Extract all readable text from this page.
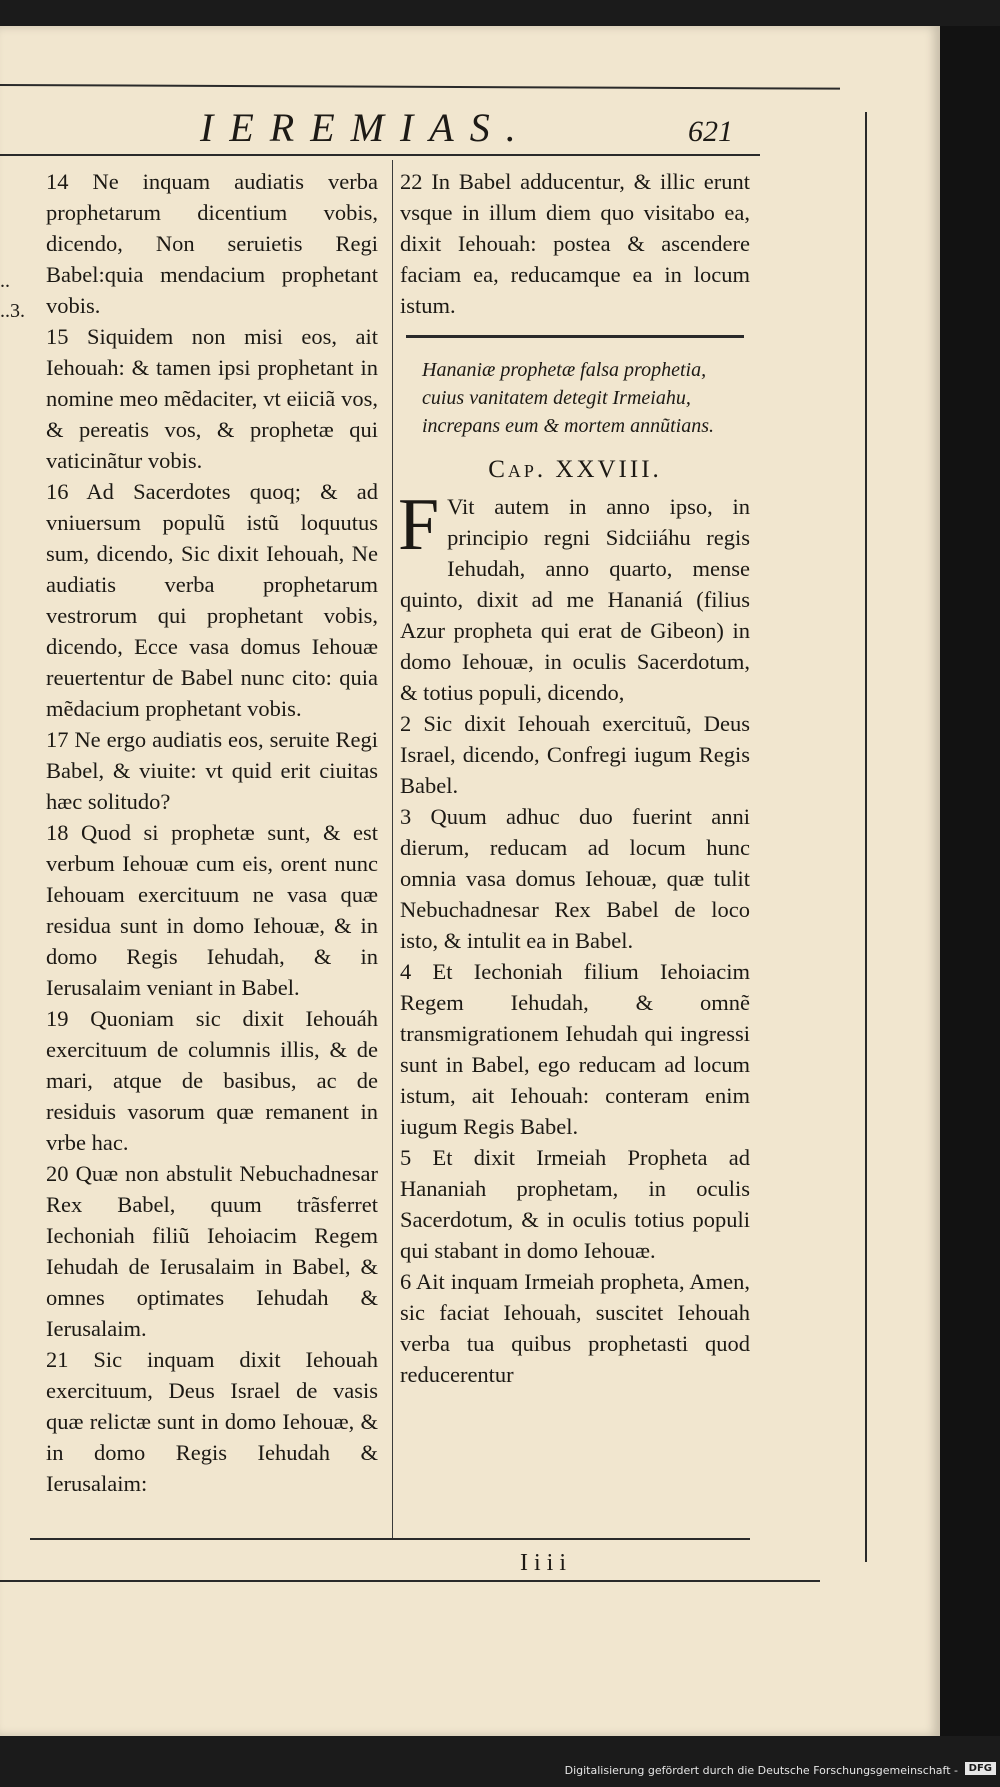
IEREMIAS.	621
..
..3.

14 Ne inquam audiatis verba prophetarum dicentium vobis, dicendo, Non seruietis Regi Babel:quia mendacium prophetant vobis.

15 Siquidem non misi eos, ait Iehouah: & tamen ipsi prophetant in nomine meo mẽdaciter, vt eiiciã vos, & pereatis vos, & prophetæ qui vaticinãtur vobis.

16 Ad Sacerdotes quoq; & ad vniuersum populũ istũ loquutus sum, dicendo, Sic dixit Iehouah, Ne audiatis verba prophetarum vestrorum qui prophetant vobis, dicendo, Ecce vasa domus Iehouæ reuertentur de Babel nunc cito: quia mẽdacium prophetant vobis.

17 Ne ergo audiatis eos, seruite Regi Babel, & viuite: vt quid erit ciuitas hæc solitudo?

18 Quod si prophetæ sunt, & est verbum Iehouæ cum eis, orent nunc Iehouam exercituum ne vasa quæ residua sunt in domo Iehouæ, & in domo Regis Iehudah, & in Ierusalaim veniant in Babel.

19 Quoniam sic dixit Iehouáh exercituum de columnis illis, & de mari, atque de basibus, ac de residuis vasorum quæ remanent in vrbe hac.

20 Quæ non abstulit Nebuchadnesar Rex Babel, quum trãsferret Iechoniah filiũ Iehoiacim Regem Iehudah de Ierusalaim in Babel, & omnes optimates Iehudah & Ierusalaim.

21 Sic inquam dixit Iehouah exercituum, Deus Israel de vasis quæ relictæ sunt in domo Iehouæ, & in domo Regis Iehudah & Ierusalaim:

22 In Babel adducentur, & illic erunt vsque in illum diem quo visitabo ea, dixit Iehouah: postea & ascendere faciam ea, reducamque ea in locum istum.

Hananiæ prophetæ falsa prophetia, cuius vanitatem detegit Irmeiahu, increpans eum & mortem annũtians.

Cap. XXVIII.

F Vit autem in anno ipso, in principio regni Sidciiáhu regis Iehudah, anno quarto, mense quinto, dixit ad me Hananiá (filius Azur propheta qui erat de Gibeon) in domo Iehouæ, in oculis Sacerdotum, & totius populi, dicendo,

2 Sic dixit Iehouah exercituũ, Deus Israel, dicendo, Confregi iugum Regis Babel.

3 Quum adhuc duo fuerint anni dierum, reducam ad locum hunc omnia vasa domus Iehouæ, quæ tulit Nebuchadnesar Rex Babel de loco isto, & intulit ea in Babel.

4 Et Iechoniah filium Iehoiacim Regem Iehudah, & omnẽ transmigrationem Iehudah qui ingressi sunt in Babel, ego reducam ad locum istum, ait Iehouah: conteram enim iugum Regis Babel.

5 Et dixit Irmeiah Propheta ad Hananiah prophetam, in oculis Sacerdotum, & in oculis totius populi qui stabant in domo Iehouæ.

6 Ait inquam Irmeiah propheta, Amen, sic faciat Iehouah, suscitet Iehouah verba tua quibus prophetasti quod reducerentur

Iiii
Digitalisierung gefördert durch die Deutsche Forschungsgemeinschaft -	DFG
